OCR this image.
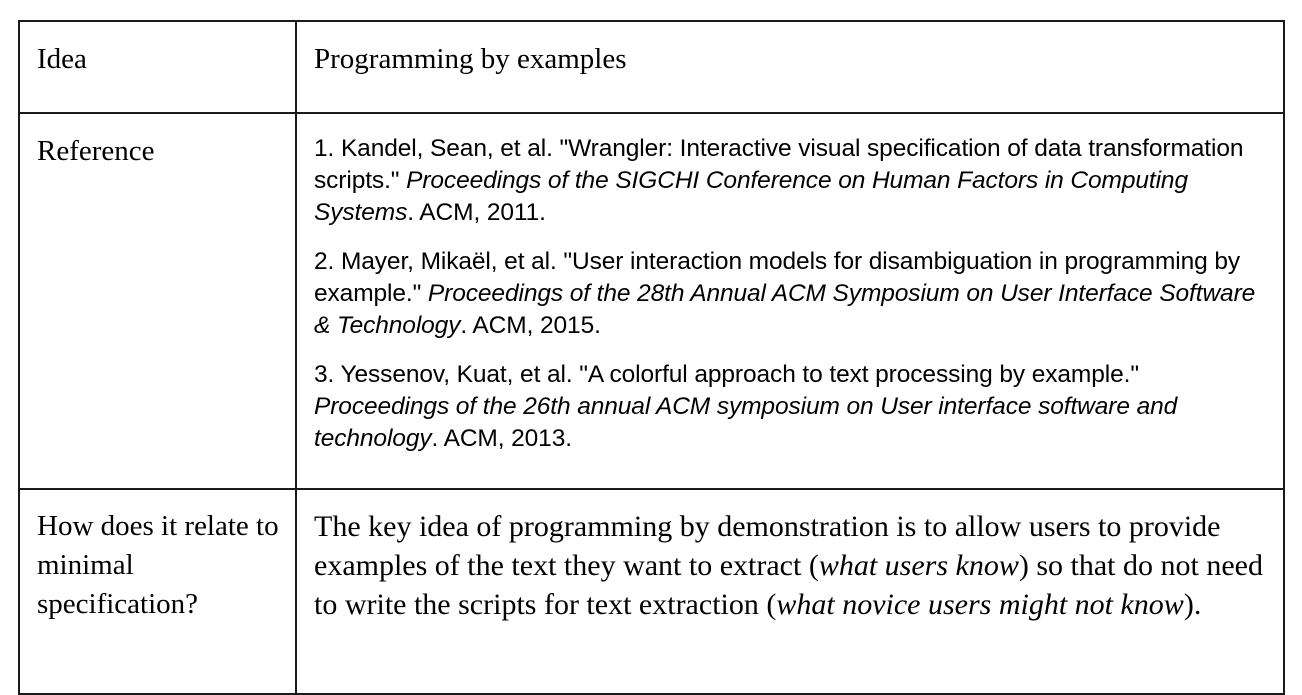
Idea	Programming by examples
Reference	1. Kandel, Sean, et al. "Wrangler: Interactive visual specification of data transformation scripts." Proceedings of the SIGCHI Conference on Human Factors in Computing Systems. ACM, 2011.

2. Mayer, Mikaël, et al. "User interaction models for disambiguation in programming by example." Proceedings of the 28th Annual ACM Symposium on User Interface Software & Technology. ACM, 2015.

3. Yessenov, Kuat, et al. "A colorful approach to text processing by example." Proceedings of the 26th annual ACM symposium on User interface software and technology. ACM, 2013.

How does it relate to minimal specification?	The key idea of programming by demonstration is to allow users to provide examples of the text they want to extract (what users know) so that do not need to write the scripts for text extraction (what novice users might not know).
